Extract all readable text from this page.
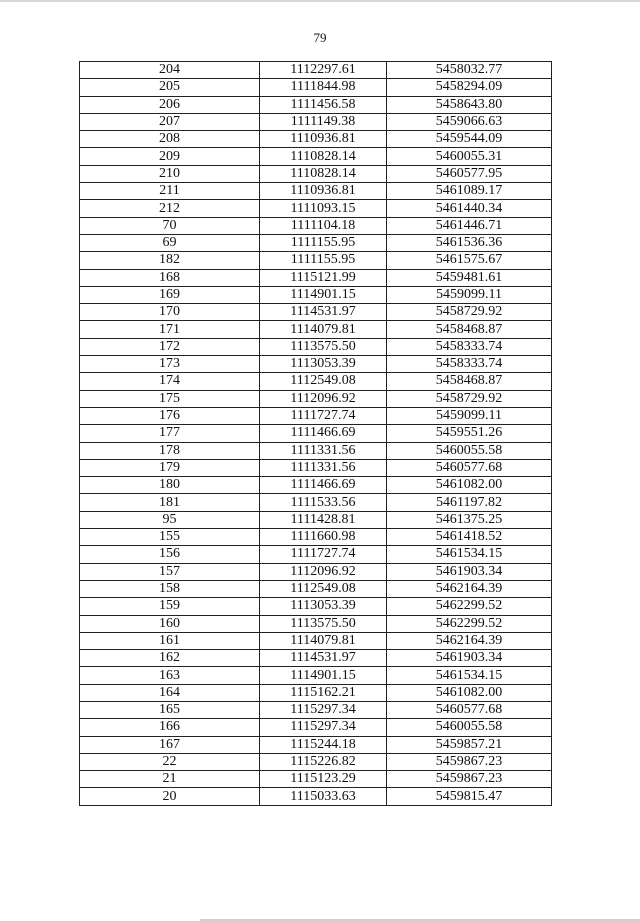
79
204	1112297.61	5458032.77
205	1111844.98	5458294.09
206	1111456.58	5458643.80
207	1111149.38	5459066.63
208	1110936.81	5459544.09
209	1110828.14	5460055.31
210	1110828.14	5460577.95
211	1110936.81	5461089.17
212	1111093.15	5461440.34
70	1111104.18	5461446.71
69	1111155.95	5461536.36
182	1111155.95	5461575.67
168	1115121.99	5459481.61
169	1114901.15	5459099.11
170	1114531.97	5458729.92
171	1114079.81	5458468.87
172	1113575.50	5458333.74
173	1113053.39	5458333.74
174	1112549.08	5458468.87
175	1112096.92	5458729.92
176	1111727.74	5459099.11
177	1111466.69	5459551.26
178	1111331.56	5460055.58
179	1111331.56	5460577.68
180	1111466.69	5461082.00
181	1111533.56	5461197.82
95	1111428.81	5461375.25
155	1111660.98	5461418.52
156	1111727.74	5461534.15
157	1112096.92	5461903.34
158	1112549.08	5462164.39
159	1113053.39	5462299.52
160	1113575.50	5462299.52
161	1114079.81	5462164.39
162	1114531.97	5461903.34
163	1114901.15	5461534.15
164	1115162.21	5461082.00
165	1115297.34	5460577.68
166	1115297.34	5460055.58
167	1115244.18	5459857.21
22	1115226.82	5459867.23
21	1115123.29	5459867.23
20	1115033.63	5459815.47
